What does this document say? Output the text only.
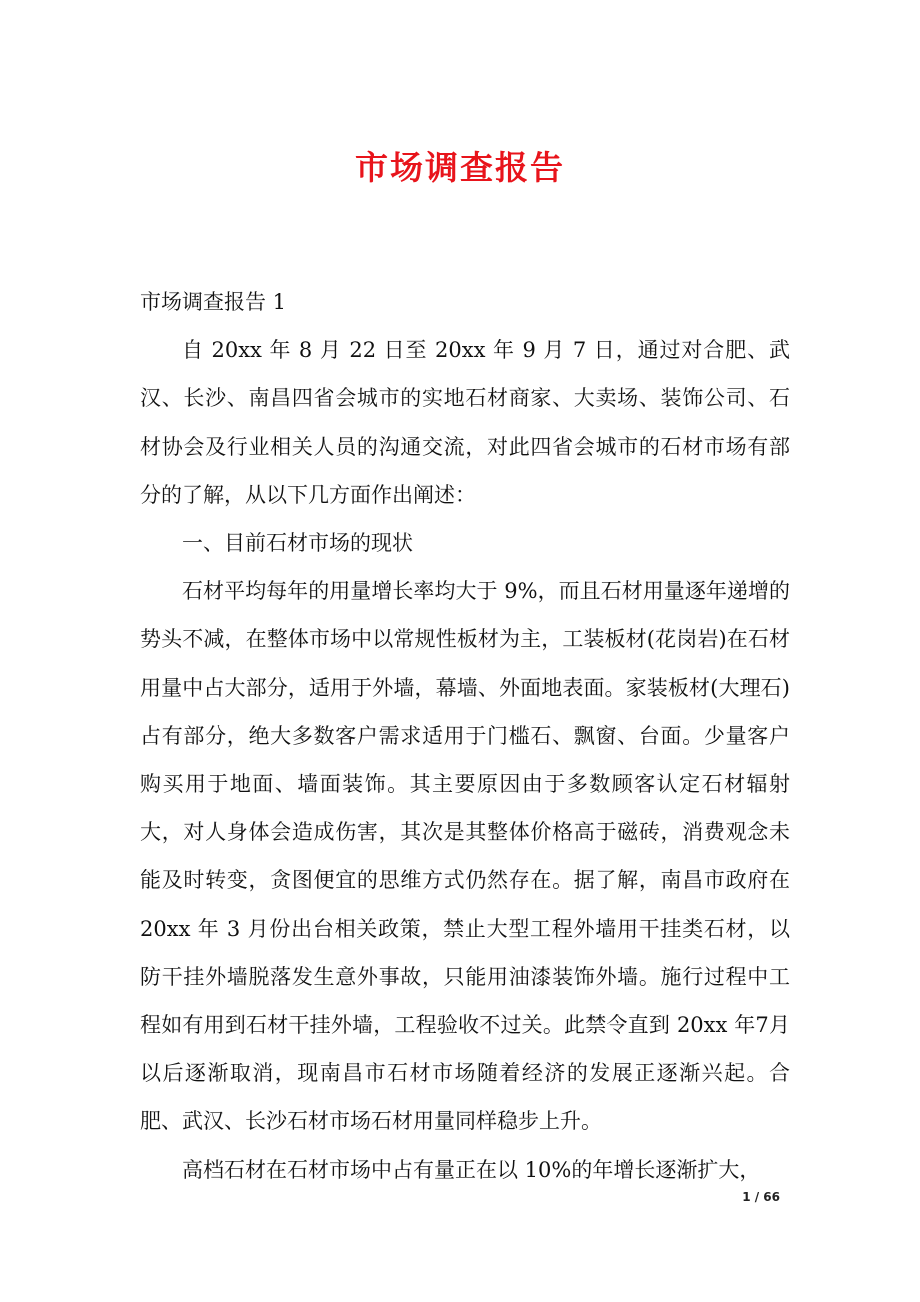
市场调查报告

市场调查报告 1

自 20xx 年 8 月 22 日至 20xx 年 9 月 7 日，通过对合肥、武汉、长沙、南昌四省会城市的实地石材商家、大卖场、装饰公司、石材协会及行业相关人员的沟通交流，对此四省会城市的石材市场有部分的了解，从以下几方面作出阐述：

一、目前石材市场的现状

石材平均每年的用量增长率均大于 9%，而且石材用量逐年递增的势头不减，在整体市场中以常规性板材为主，工装板材(花岗岩)在石材用量中占大部分，适用于外墙，幕墙、外面地表面。家装板材(大理石)占有部分，绝大多数客户需求适用于门槛石、飘窗、台面。少量客户购买用于地面、墙面装饰。其主要原因由于多数顾客认定石材辐射大，对人身体会造成伤害，其次是其整体价格高于磁砖，消费观念未能及时转变，贪图便宜的思维方式仍然存在。据了解，南昌市政府在 20xx 年 3 月份出台相关政策，禁止大型工程外墙用干挂类石材，以防干挂外墙脱落发生意外事故，只能用油漆装饰外墙。施行过程中工程如有用到石材干挂外墙，工程验收不过关。此禁令直到 20xx 年7月以后逐渐取消，现南昌市石材市场随着经济的发展正逐渐兴起。合肥、武汉、长沙石材市场石材用量同样稳步上升。

高档石材在石材市场中占有量正在以 10%的年增长逐渐扩大，

1 / 66
